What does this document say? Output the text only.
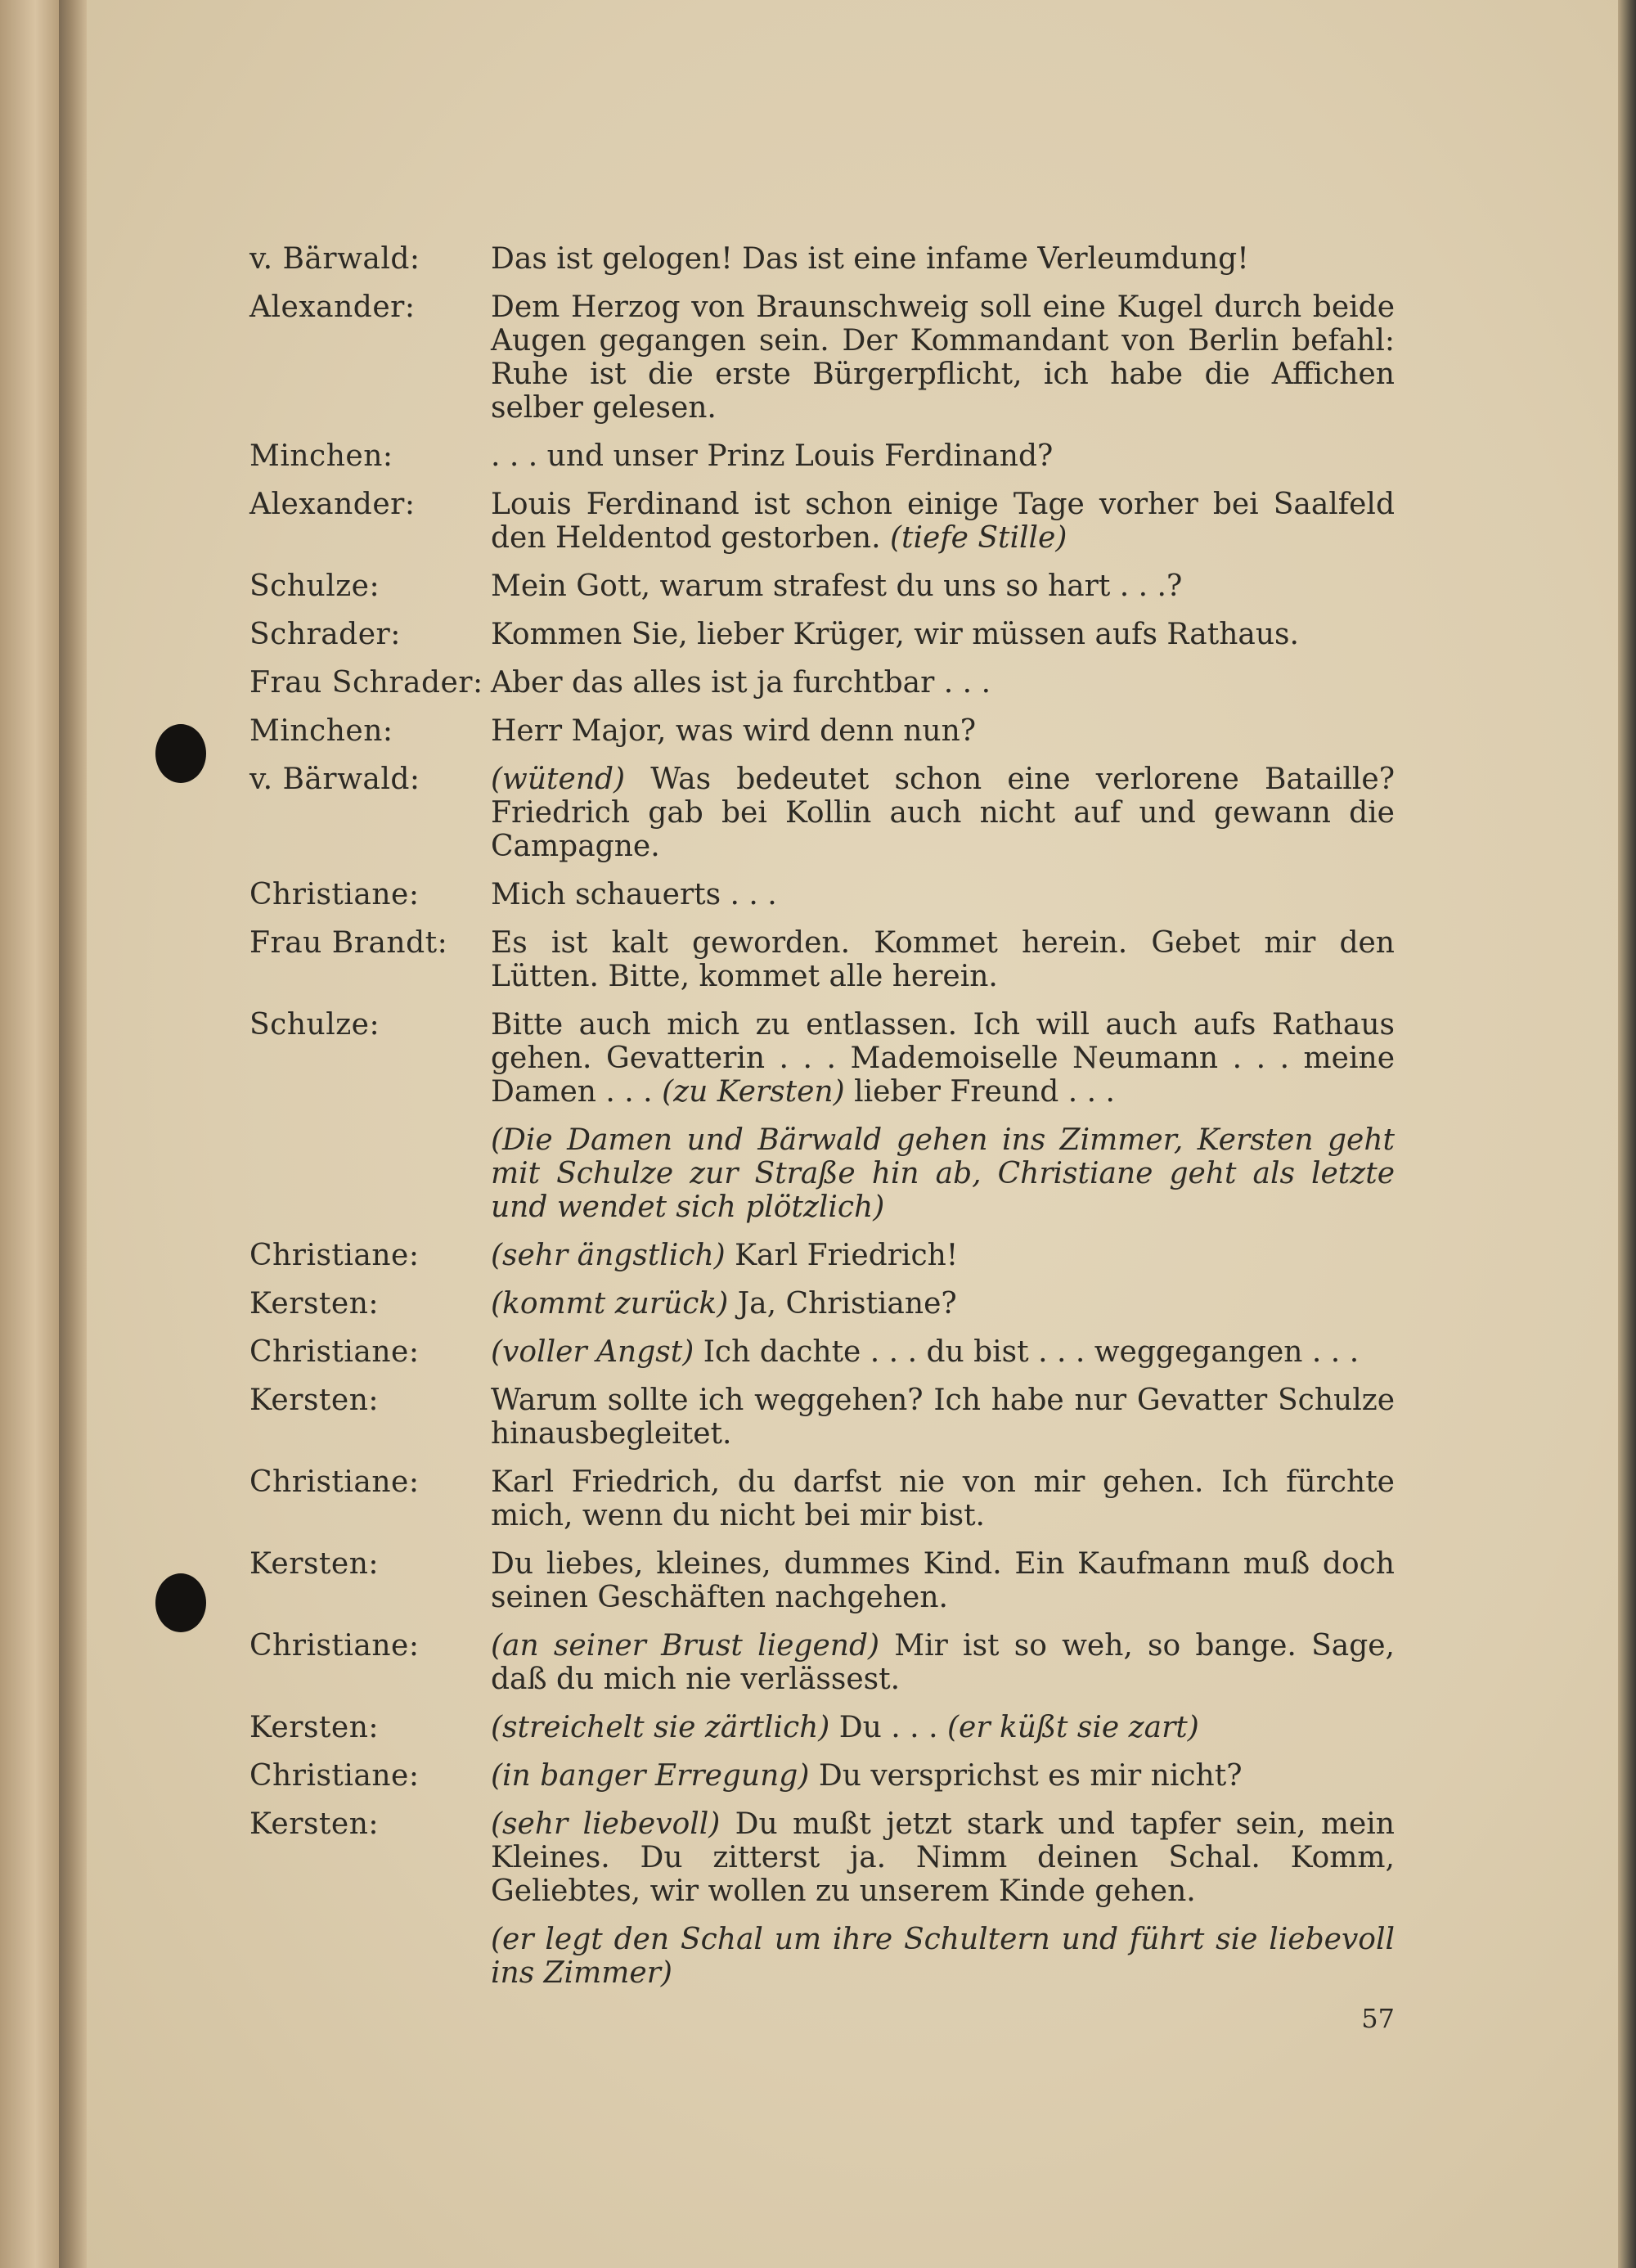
v. Bärwald:	Das ist gelogen! Das ist eine infame Verleumdung!
Alexander:	Dem Herzog von Braunschweig soll eine Kugel durch beide Augen gegangen sein. Der Kommandant von Berlin befahl: Ruhe ist die erste Bürgerpflicht, ich habe die Affichen selber gelesen.
Minchen:	. . . und unser Prinz Louis Ferdinand?
Alexander:	Louis Ferdinand ist schon einige Tage vorher bei Saalfeld den Heldentod gestorben. (tiefe Stille)
Schulze:	Mein Gott, warum strafest du uns so hart . . .?
Schrader:	Kommen Sie, lieber Krüger, wir müssen aufs Rathaus.
Frau Schrader: Aber das alles ist ja furchtbar . . .
Minchen:	Herr Major, was wird denn nun?
v. Bärwald:	(wütend) Was bedeutet schon eine verlorene Bataille? Friedrich gab bei Kollin auch nicht auf und gewann die Campagne.
Christiane:	Mich schauerts . . .
Frau Brandt:	Es ist kalt geworden. Kommet herein. Gebet mir den Lütten. Bitte, kommet alle herein.
Schulze:	Bitte auch mich zu entlassen. Ich will auch aufs Rathaus gehen. Gevatterin . . . Mademoiselle Neumann . . . meine Damen . . . (zu Kersten) lieber Freund . . .
(Die Damen und Bärwald gehen ins Zimmer, Kersten geht mit Schulze zur Straße hin ab, Christiane geht als letzte und wendet sich plötzlich)
Christiane:	(sehr ängstlich) Karl Friedrich!
Kersten:	(kommt zurück) Ja, Christiane?
Christiane:	(voller Angst) Ich dachte . . . du bist . . . weggegangen . . .
Kersten:	Warum sollte ich weggehen? Ich habe nur Gevatter Schulze hinausbegleitet.
Christiane:	Karl Friedrich, du darfst nie von mir gehen. Ich fürchte mich, wenn du nicht bei mir bist.
Kersten:	Du liebes, kleines, dummes Kind. Ein Kaufmann muß doch seinen Geschäften nachgehen.
Christiane:	(an seiner Brust liegend) Mir ist so weh, so bange. Sage, daß du mich nie verlässest.
Kersten:	(streichelt sie zärtlich) Du . . . (er küßt sie zart)
Christiane:	(in banger Erregung) Du versprichst es mir nicht?
Kersten:	(sehr liebevoll) Du mußt jetzt stark und tapfer sein, mein Kleines. Du zitterst ja. Nimm deinen Schal. Komm, Geliebtes, wir wollen zu unserem Kinde gehen.
(er legt den Schal um ihre Schultern und führt sie liebevoll ins Zimmer)
57
